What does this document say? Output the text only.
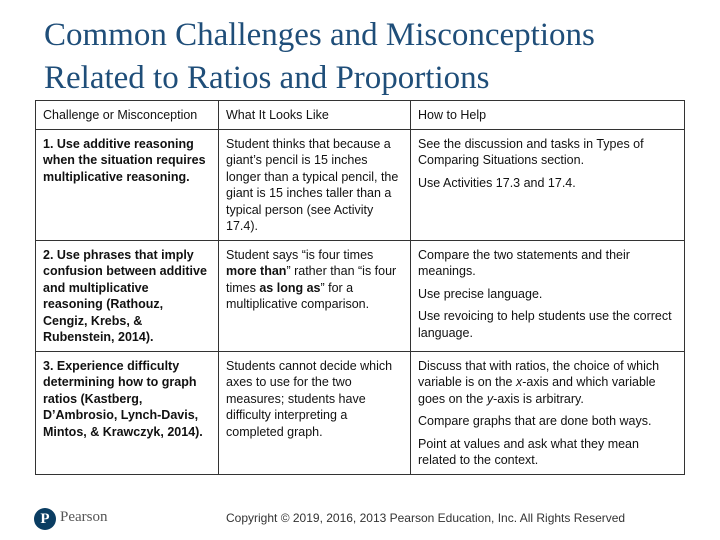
Common Challenges and Misconceptions
Related to Ratios and Proportions
Challenge or Misconception	What It Looks Like	How to Help
1. Use additive reasoning when the situation requires multiplicative reasoning.	Student thinks that because a giant’s pencil is 15 inches longer than a typical pencil, the giant is 15 inches taller than a typical person (see Activity 17.4).	See the discussion and tasks in Types of Comparing Situations section.

Use Activities 17.3 and 17.4.

2. Use phrases that imply confusion between additive and multiplicative reasoning (Rathouz, Cengiz, Krebs, & Rubenstein, 2014).	Student says “is four times more than” rather than “is four times as long as” for a multiplicative comparison.	Compare the two statements and their meanings.

Use precise language.

Use revoicing to help students use the correct language.

3. Experience difficulty determining how to graph ratios (Kastberg, D’Ambrosio, Lynch-Davis, Mintos, & Krawczyk, 2014).	Students cannot decide which axes to use for the two measures; students have difficulty interpreting a completed graph.	Discuss that with ratios, the choice of which variable is on the x-axis and which variable goes on the y-axis is arbitrary.

Compare graphs that are done both ways.

Point at values and ask what they mean related to the context.

P Pearson	Copyright © 2019, 2016, 2013 Pearson Education, Inc. All Rights Reserved
